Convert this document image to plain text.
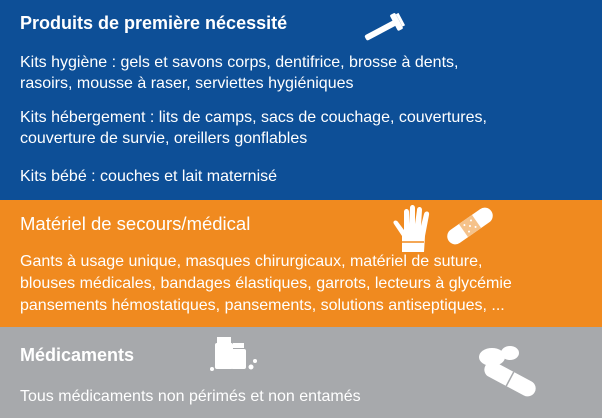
Produits de première nécessité
Kits hygiène : gels et savons corps, dentifrice, brosse à dents,
rasoirs, mousse à raser, serviettes hygiéniques
Kits hébergement : lits de camps, sacs de couchage, couvertures,
couverture de survie, oreillers gonflables
Kits bébé : couches et lait maternisé
Matériel de secours/médical
Gants à usage unique, masques chirurgicaux, matériel de suture,
blouses médicales, bandages élastiques, garrots, lecteurs à glycémie
pansements hémostatiques, pansements, solutions antiseptiques, ...
Médicaments
Tous médicaments non périmés et non entamés
